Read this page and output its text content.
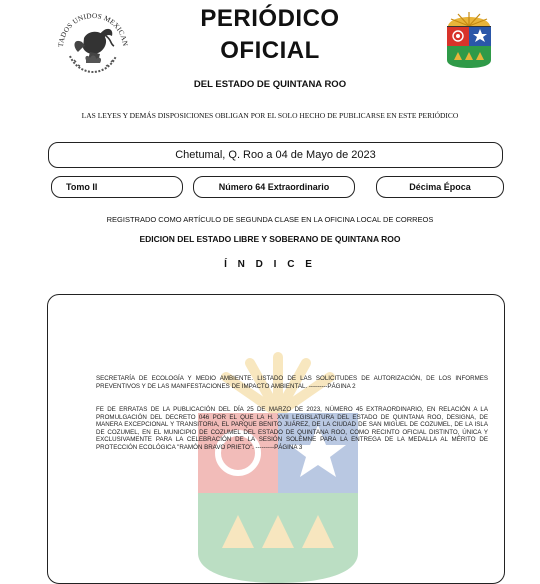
TADOS UNIDOS MEXICAN
PERIÓDICO
OFICIAL
DEL ESTADO DE QUINTANA ROO
LAS LEYES Y DEMÁS DISPOSICIONES OBLIGAN POR EL SOLO HECHO DE PUBLICARSE EN ESTE PERIÓDICO
Chetumal, Q. Roo a 04 de Mayo de 2023
Tomo II	Número 64 Extraordinario	Décima Época
REGISTRADO COMO ARTÍCULO DE SEGUNDA CLASE EN LA OFICINA LOCAL DE CORREOS
EDICION DEL ESTADO LIBRE Y SOBERANO DE QUINTANA ROO
Í N D I C E
SECRETARÍA DE ECOLOGÍA Y MEDIO AMBIENTE. LISTADO DE LAS SOLICITUDES DE AUTORIZACIÓN, DE LOS INFORMES PREVENTIVOS Y DE LAS MANIFESTACIONES DE IMPACTO AMBIENTAL. ---------PÁGINA 2
FE DE ERRATAS DE LA PUBLICACIÓN DEL DÍA 25 DE MARZO DE 2023, NÚMERO 45 EXTRAORDINARIO, EN RELACIÓN A LA PROMULGACIÓN DEL DECRETO 046 POR EL QUE LA H. XVII LEGISLATURA DEL ESTADO DE QUINTANA ROO, DESIGNA, DE MANERA EXCEPCIONAL Y TRANSITORIA, EL PARQUE BENITO JUÁREZ, DE LA CIUDAD DE SAN MIGUEL DE COZUMEL, DE LA ISLA DE COZUMEL, EN EL MUNICIPIO DE COZUMEL DEL ESTADO DE QUINTANA ROO, COMO RECINTO OFICIAL DISTINTO, ÚNICA Y EXCLUSIVAMENTE PARA LA CELEBRACIÓN DE LA SESIÓN SOLEMNE PARA LA ENTREGA DE LA MEDALLA AL MÉRITO DE PROTECCIÓN ECOLÓGICA "RAMÓN BRAVO PRIETO". ---------PÁGINA 3
